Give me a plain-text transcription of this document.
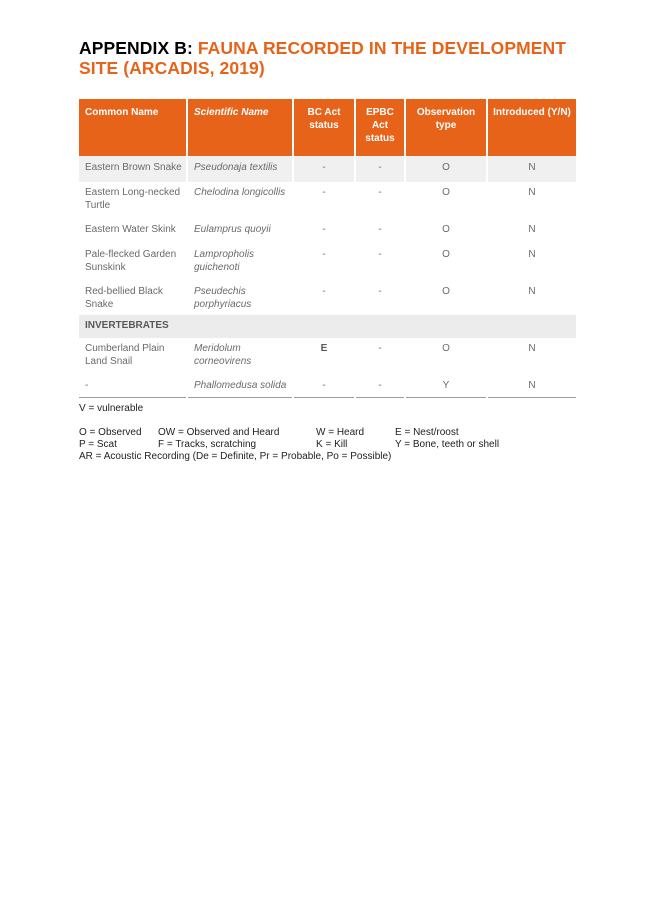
APPENDIX B: FAUNA RECORDED IN THE DEVELOPMENT
SITE (ARCADIS, 2019)
Common Name	Scientific Name	BC Act status	EPBC Act status	Observation type	Introduced (Y/N)
Eastern Brown Snake	Pseudonaja textilis	-	-	O	N
Eastern Long-necked Turtle	Chelodina longicollis	-	-	O	N
Eastern Water Skink	Eulamprus quoyii	-	-	O	N
Pale-flecked Garden Sunskink	Lampropholis guichenoti	-	-	O	N
Red-bellied Black Snake	Pseudechis porphyriacus	-	-	O	N
INVERTEBRATES					
Cumberland Plain Land Snail	Meridolum corneovirens	E	-	O	N
-	Phallomedusa solida	-	-	Y	N
V = vulnerable
O = Observed OW = Observed and Heard	W = Heard	E = Nest/roost
P = Scat	F = Tracks, scratching	K = Kill	Y = Bone, teeth or shell
AR = Acoustic Recording (De = Definite, Pr = Probable, Po = Possible)
